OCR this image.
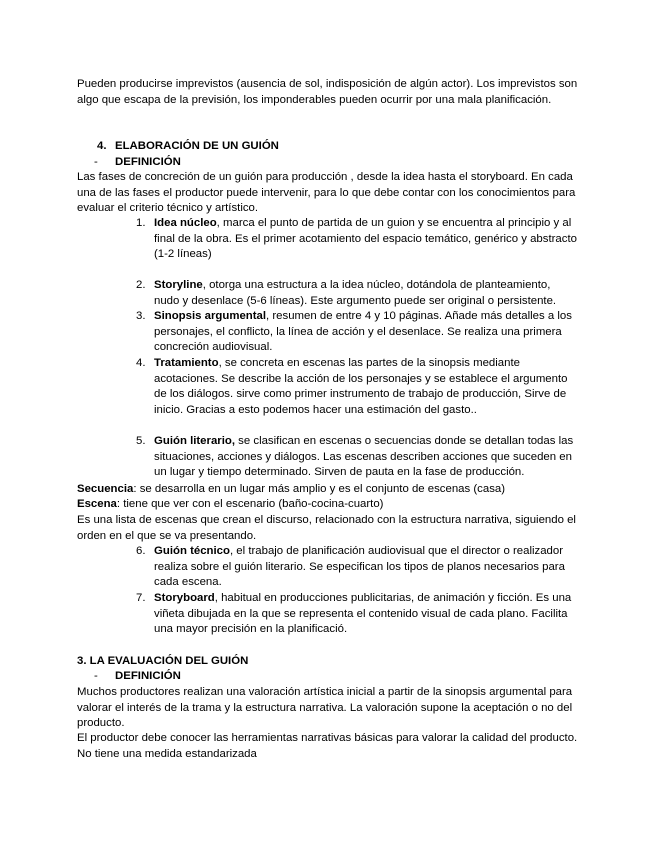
Pueden producirse imprevistos (ausencia de sol, indisposición de algún actor). Los imprevistos son algo que escapa de la previsión, los imponderables pueden ocurrir por una mala planificación.

4. ELABORACIÓN DE UN GUIÓN
- DEFINICIÓN

Las fases de concreción de un guión para producción , desde la idea hasta el storyboard. En cada una de las fases el productor puede intervenir, para lo que debe contar con los conocimientos para evaluar el criterio técnico y artístico.

1. Idea núcleo, marca el punto de partida de un guion y se encuentra al principio y al final de la obra. Es el primer acotamiento del espacio temático, genérico y abstracto (1-2 líneas)
2. Storyline, otorga una estructura a la idea núcleo, dotándola de planteamiento, nudo y desenlace (5-6 líneas). Este argumento puede ser original o persistente.
3. Sinopsis argumental, resumen de entre 4 y 10 páginas. Añade más detalles a los personajes, el conflicto, la línea de acción y el desenlace. Se realiza una primera concreción audiovisual.
4. Tratamiento, se concreta en escenas las partes de la sinopsis mediante acotaciones. Se describe la acción de los personajes y se establece el argumento de los diálogos. sirve como primer instrumento de trabajo de producción, Sirve de inicio. Gracias a esto podemos hacer una estimación del gasto..
5. Guión literario, se clasifican en escenas o secuencias donde se detallan todas las situaciones, acciones y diálogos. Las escenas describen acciones que suceden en un lugar y tiempo determinado. Sirven de pauta en la fase de producción.

Secuencia: se desarrolla en un lugar más amplio y es el conjunto de escenas (casa)

Escena: tiene que ver con el escenario (baño-cocina-cuarto)

Es una lista de escenas que crean el discurso, relacionado con la estructura narrativa, siguiendo el orden en el que se va presentando.

6. Guión técnico, el trabajo de planificación audiovisual que el director o realizador realiza sobre el guión literario. Se especifican los tipos de planos necesarios para cada escena.
7. Storyboard, habitual en producciones publicitarias, de animación y ficción. Es una viñeta dibujada en la que se representa el contenido visual de cada plano. Facilita una mayor precisión en la planificació.

3. LA EVALUACIÓN DEL GUIÓN

- DEFINICIÓN

Muchos productores realizan una valoración artística inicial a partir de la sinopsis argumental para valorar el interés de la trama y la estructura narrativa. La valoración supone la aceptación o no del producto.

El productor debe conocer las herramientas narrativas básicas para valorar la calidad del producto. No tiene una medida estandarizada
